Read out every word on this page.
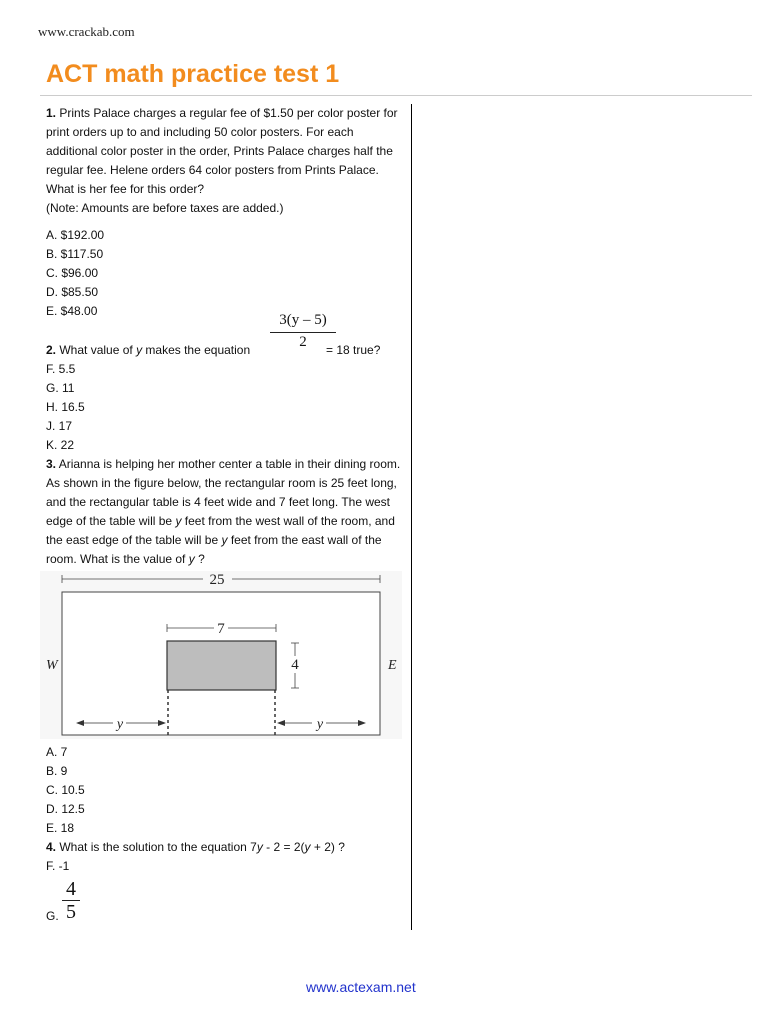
www.crackab.com
ACT math practice test 1

1. Prints Palace charges a regular fee of $1.50 per color poster for print orders up to and including 50 color posters. For each additional color poster in the order, Prints Palace charges half the regular fee. Helene orders 64 color posters from Prints Palace. What is her fee for this order?

(Note: Amounts are before taxes are added.)

A. $192.00
B. $117.50
C. $96.00
D. $85.50
E. $48.00
2. What value of y makes the equation $\frac{3(y - 5)}{2}$
= 18 true?
F. 5.5
G. 11
H. 16.5
J. 17
K. 22

3. Arianna is helping her mother center a table in their dining room. As shown in the figure below, the rectangular room is 25 feet long, and the rectangular table is 4 feet wide and 7 feet long. The west edge of the table will be y feet from the west wall of the room, and the east edge of the table will be y feet from the east wall of the room. What is the value of y ?

25
7
4
W	E
y	y
A. 7
B. 9
C. 10.5
D. 12.5
E. 18

4. What is the solution to the equation 7y - 2 = 2(y + 2) ?

F. -1
G. $\frac{4}{5}$
www.actexam.net
